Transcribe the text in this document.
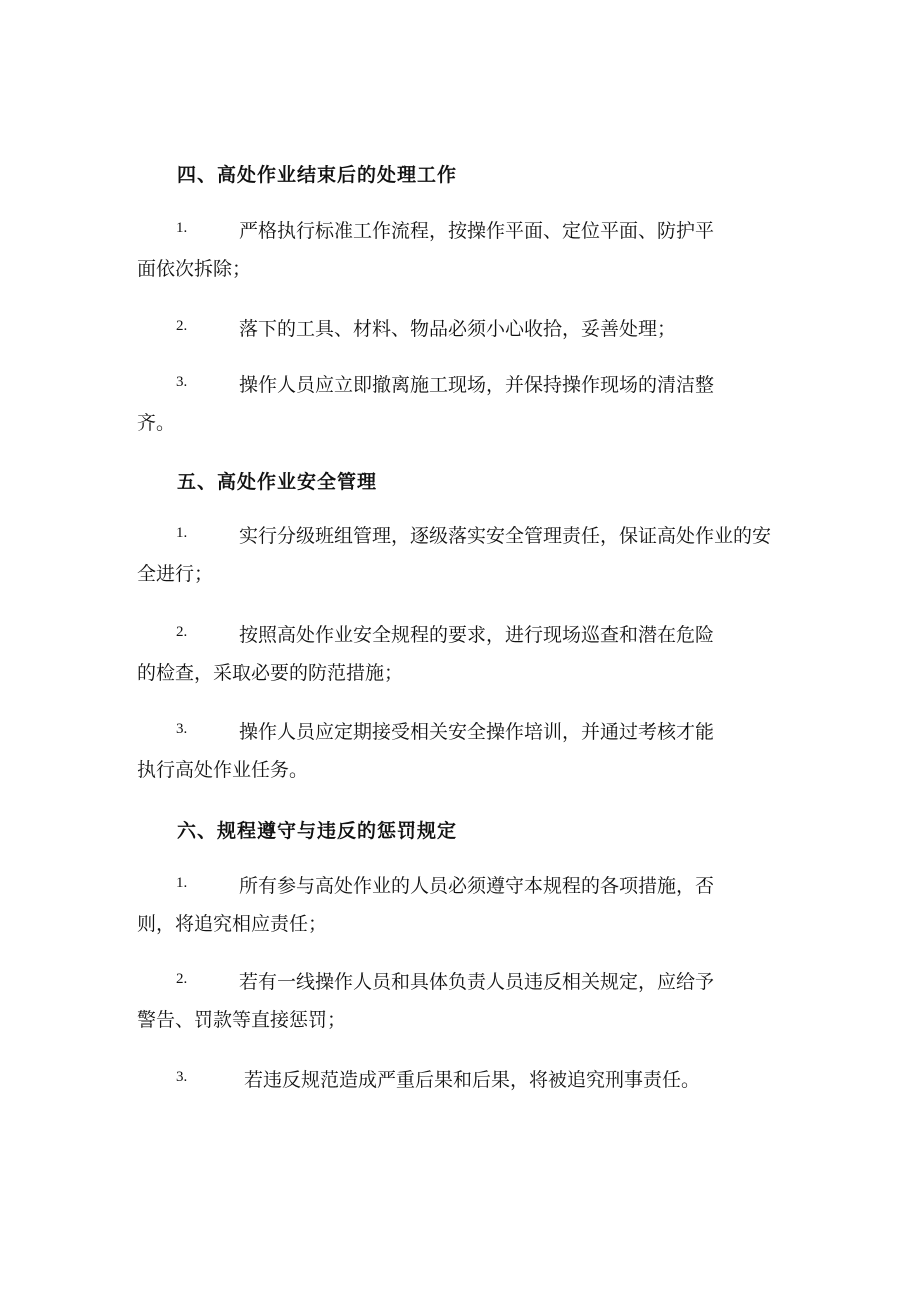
四、高处作业结束后的处理工作
1.	严格执行标准工作流程，按操作平面、定位平面、防护平
面依次拆除；
2.	落下的工具、材料、物品必须小心收拾，妥善处理；
3.	操作人员应立即撤离施工现场，并保持操作现场的清洁整
齐。
五、高处作业安全管理
1.	实行分级班组管理，逐级落实安全管理责任，保证高处作业的安
全进行；
2.	按照高处作业安全规程的要求，进行现场巡查和潜在危险
的检查，采取必要的防范措施；
3.	操作人员应定期接受相关安全操作培训，并通过考核才能
执行高处作业任务。
六、规程遵守与违反的惩罚规定
1.	所有参与高处作业的人员必须遵守本规程的各项措施，否
则，将追究相应责任；
2.	若有一线操作人员和具体负责人员违反相关规定，应给予
警告、罚款等直接惩罚；
3.	若违反规范造成严重后果和后果，将被追究刑事责任。
